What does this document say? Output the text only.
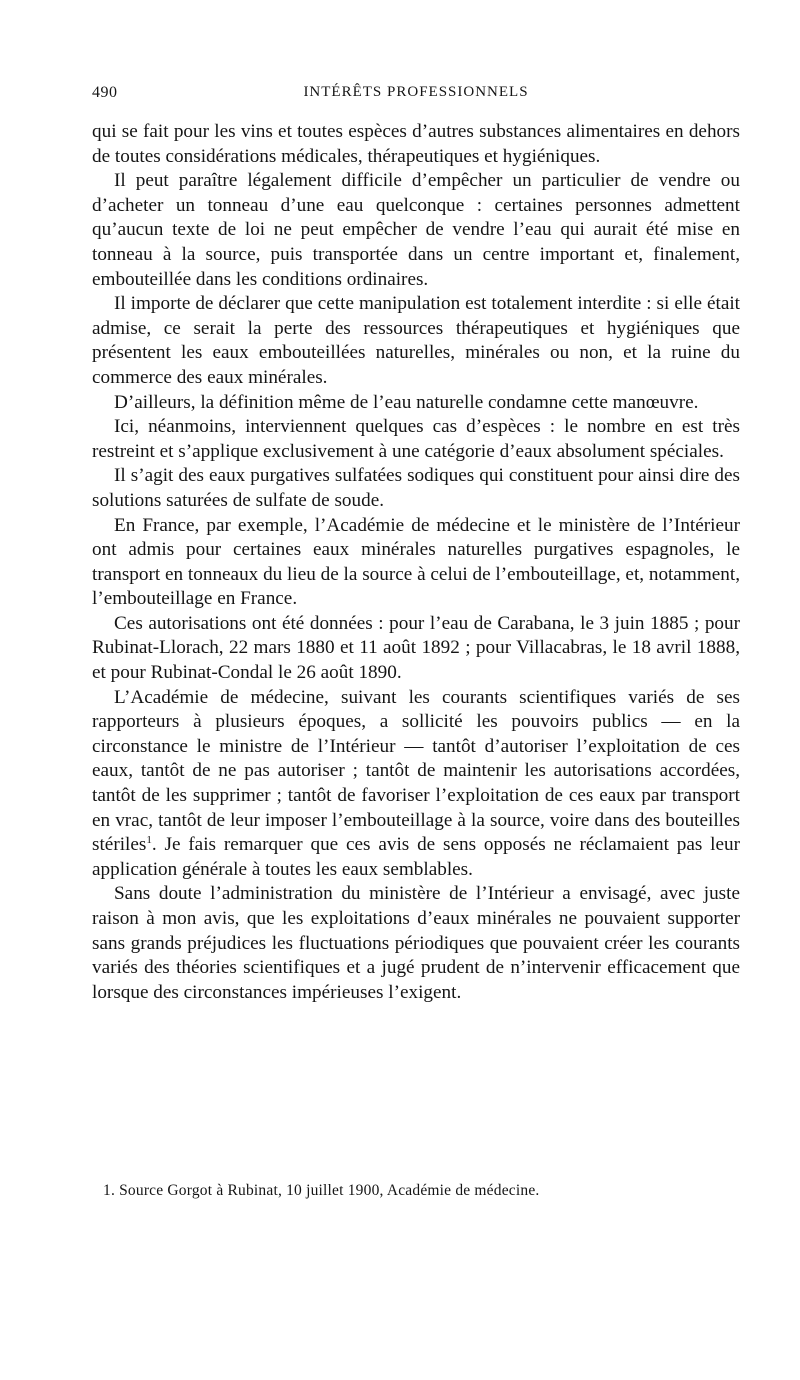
490	INTÉRÊTS PROFESSIONNELS

qui se fait pour les vins et toutes espèces d’autres substances alimentaires en dehors de toutes considérations médicales, thérapeutiques et hygiéniques.

Il peut paraître légalement difficile d’empêcher un particulier de vendre ou d’acheter un tonneau d’une eau quelconque : certaines personnes admettent qu’aucun texte de loi ne peut empêcher de vendre l’eau qui aurait été mise en tonneau à la source, puis transportée dans un centre important et, finalement, embouteillée dans les conditions ordinaires.

Il importe de déclarer que cette manipulation est totalement interdite : si elle était admise, ce serait la perte des ressources thérapeutiques et hygiéniques que présentent les eaux embouteillées naturelles, minérales ou non, et la ruine du commerce des eaux minérales.

D’ailleurs, la définition même de l’eau naturelle condamne cette manœuvre.

Ici, néanmoins, interviennent quelques cas d’espèces : le nombre en est très restreint et s’applique exclusivement à une catégorie d’eaux absolument spéciales.

Il s’agit des eaux purgatives sulfatées sodiques qui constituent pour ainsi dire des solutions saturées de sulfate de soude.

En France, par exemple, l’Académie de médecine et le ministère de l’Intérieur ont admis pour certaines eaux minérales naturelles purgatives espagnoles, le transport en tonneaux du lieu de la source à celui de l’embouteillage, et, notamment, l’embouteillage en France.

Ces autorisations ont été données : pour l’eau de Carabana, le 3 juin 1885 ; pour Rubinat-Llorach, 22 mars 1880 et 11 août 1892 ; pour Villacabras, le 18 avril 1888, et pour Rubinat-Condal le 26 août 1890.

L’Académie de médecine, suivant les courants scientifiques variés de ses rapporteurs à plusieurs époques, a sollicité les pouvoirs publics — en la circonstance le ministre de l’Intérieur — tantôt d’autoriser l’exploitation de ces eaux, tantôt de ne pas autoriser ; tantôt de maintenir les autorisations accordées, tantôt de les supprimer ; tantôt de favoriser l’exploitation de ces eaux par transport en vrac, tantôt de leur imposer l’embouteillage à la source, voire dans des bouteilles stériles$^1$. Je fais remarquer que ces avis de sens opposés ne réclamaient pas leur application générale à toutes les eaux semblables.

Sans doute l’administration du ministère de l’Intérieur a envisagé, avec juste raison à mon avis, que les exploitations d’eaux minérales ne pouvaient supporter sans grands préjudices les fluctuations périodiques que pouvaient créer les courants variés des théories scientifiques et a jugé prudent de n’intervenir efficacement que lorsque des circonstances impérieuses l’exigent.

1. Source Gorgot à Rubinat, 10 juillet 1900, Académie de médecine.
